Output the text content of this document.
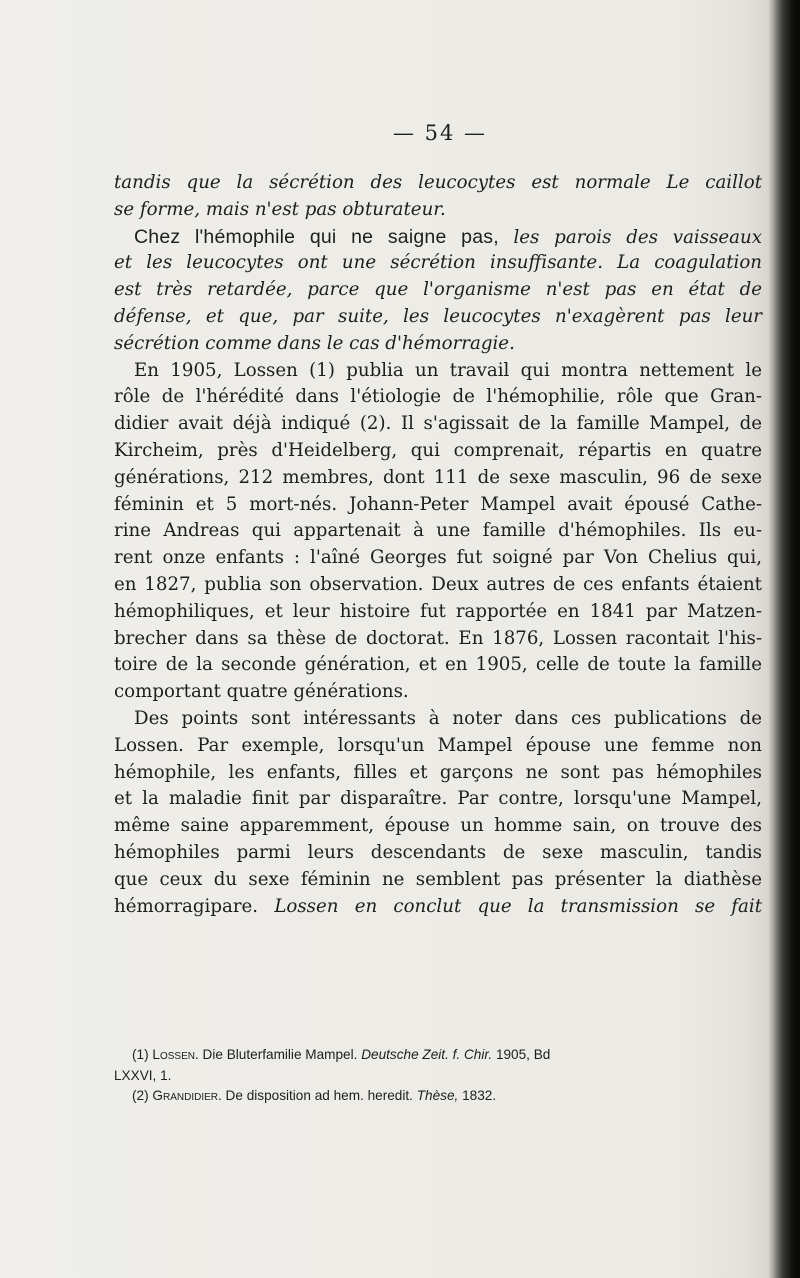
— 54 —
tandis que la sécrétion des leucocytes est normale Le caillot
se forme, mais n'est pas obturateur.
Chez l'hémophile qui ne saigne pas, les parois des vaisseaux
et les leucocytes ont une sécrétion insuffisante. La coagulation
est très retardée, parce que l'organisme n'est pas en état de
défense, et que, par suite, les leucocytes n'exagèrent pas leur
sécrétion comme dans le cas d'hémorragie.
En 1905, Lossen (1) publia un travail qui montra nettement le
rôle de l'hérédité dans l'étiologie de l'hémophilie, rôle que Gran-
didier avait déjà indiqué (2). Il s'agissait de la famille Mampel, de
Kircheim, près d'Heidelberg, qui comprenait, répartis en quatre
générations, 212 membres, dont 111 de sexe masculin, 96 de sexe
féminin et 5 mort-nés. Johann-Peter Mampel avait épousé Cathe-
rine Andreas qui appartenait à une famille d'hémophiles. Ils eu-
rent onze enfants : l'aîné Georges fut soigné par Von Chelius qui,
en 1827, publia son observation. Deux autres de ces enfants étaient
hémophiliques, et leur histoire fut rapportée en 1841 par Matzen-
brecher dans sa thèse de doctorat. En 1876, Lossen racontait l'his-
toire de la seconde génération, et en 1905, celle de toute la famille
comportant quatre générations.
Des points sont intéressants à noter dans ces publications de
Lossen. Par exemple, lorsqu'un Mampel épouse une femme non
hémophile, les enfants, filles et garçons ne sont pas hémophiles
et la maladie finit par disparaître. Par contre, lorsqu'une Mampel,
même saine apparemment, épouse un homme sain, on trouve des
hémophiles parmi leurs descendants de sexe masculin, tandis
que ceux du sexe féminin ne semblent pas présenter la diathèse
hémorragipare. Lossen en conclut que la transmission se fait
(1) Lossen. Die Bluterfamilie Mampel. Deutsche Zeit. f. Chir. 1905, Bd
LXXVI, 1.
(2) Grandidier. De disposition ad hem. heredit. Thèse, 1832.
